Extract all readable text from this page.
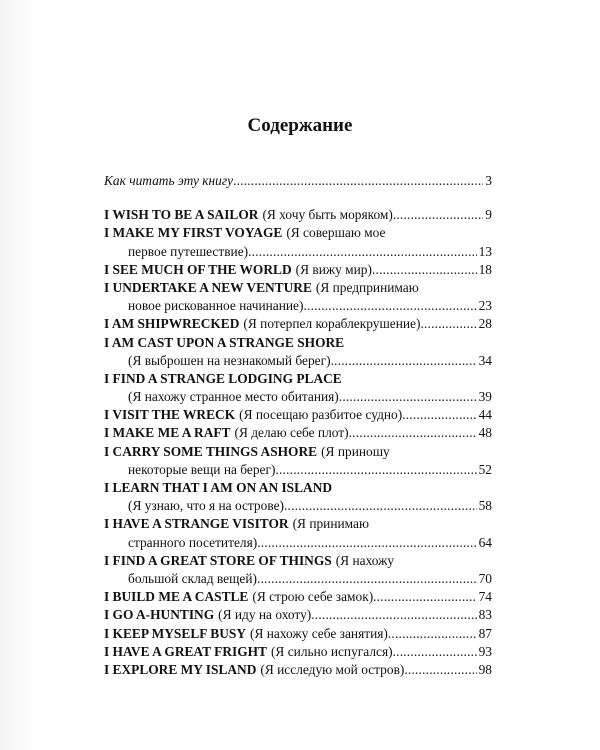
Содержание
Как читать эту книгу .....	3
I WISH TO BE A SAILOR (Я хочу быть моряком) .....	9
I MAKE MY FIRST VOYAGE (Я совершаю мое
первое путешествие) .....	13
I SEE MUCH OF THE WORLD (Я вижу мир) .....	18
I UNDERTAKE A NEW VENTURE (Я предпринимаю
новое рискованное начинание) .....	23
I AM SHIPWRECKED (Я потерпел кораблекрушение) .....	28
I AM CAST UPON A STRANGE SHORE
(Я выброшен на незнакомый берег) .....	34
I FIND A STRANGE LODGING PLACE
(Я нахожу странное место обитания) .....	39
I VISIT THE WRECK (Я посещаю разбитое судно) .....	44
I MAKE ME A RAFT (Я делаю себе плот) .....	48
I CARRY SOME THINGS ASHORE (Я приношу
некоторые вещи на берег) .....	52
I LEARN THAT I AM ON AN ISLAND
(Я узнаю, что я на острове) .....	58
I HAVE A STRANGE VISITOR (Я принимаю
странного посетителя) .....	64
I FIND A GREAT STORE OF THINGS (Я нахожу
большой склад вещей) .....	70
I BUILD ME A CASTLE (Я строю себе замок) .....	74
I GO A-HUNTING (Я иду на охоту) .....	83
I KEEP MYSELF BUSY (Я нахожу себе занятия) .....	87
I HAVE A GREAT FRIGHT (Я сильно испугался) .....	93
I EXPLORE MY ISLAND (Я исследую мой остров) .....	98
